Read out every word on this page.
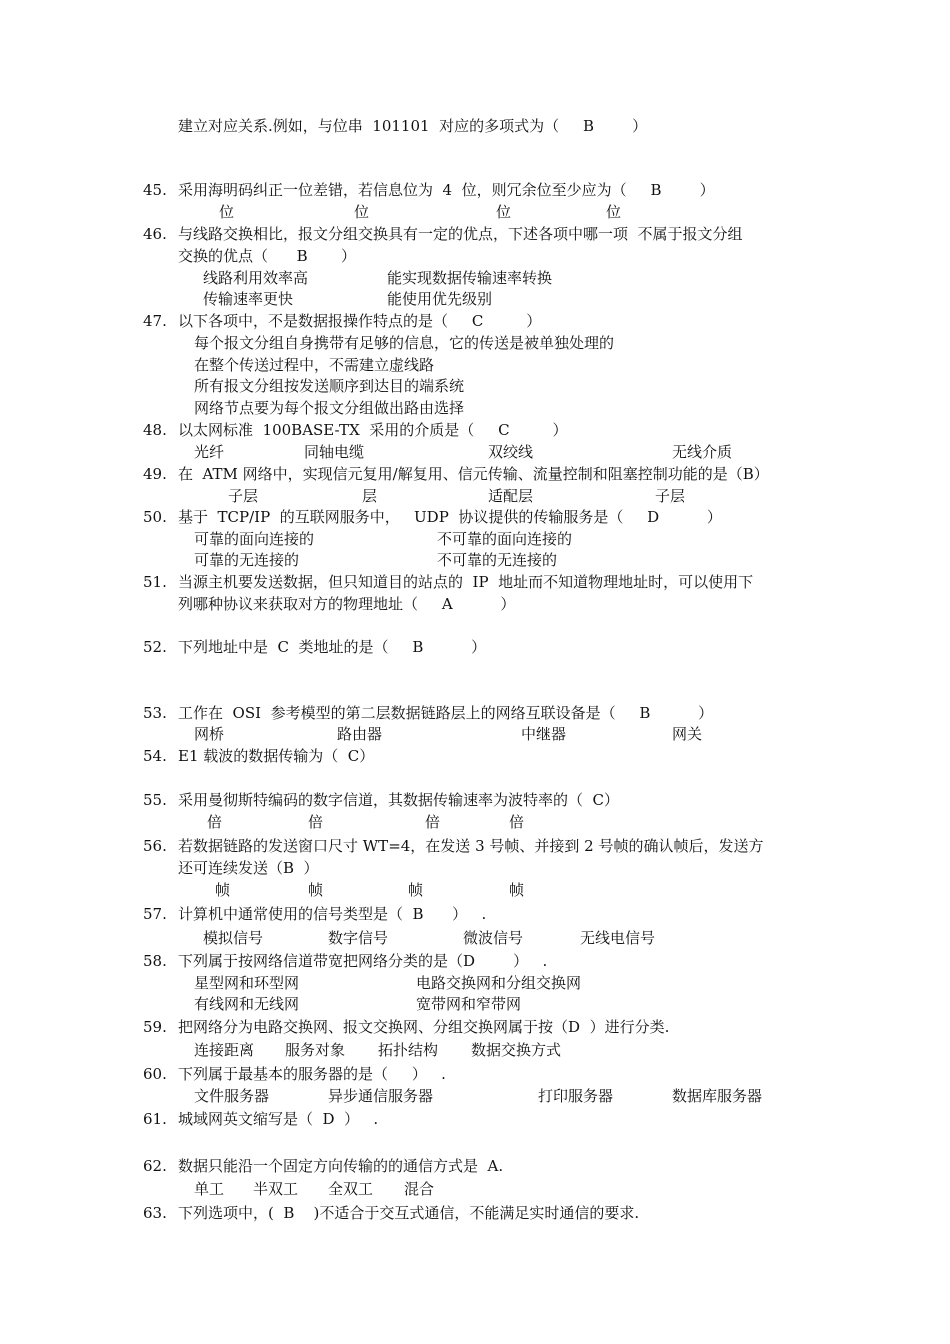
建立对应关系.例如，与位串  101101  对应的多项式为（     B        ）
45. 采用海明码纠正一位差错，若信息位为  4  位，则冗余位至少应为（     B        ）
位	位	位	位
46. 与线路交换相比，报文分组交换具有一定的优点，下述各项中哪一项  不属于报文分组
交换的优点（      B       ）
线路利用效率高	能实现数据传输速率转换
传输速率更快	能使用优先级别
47. 以下各项中，不是数据报操作特点的是（     C         ）
每个报文分组自身携带有足够的信息，它的传送是被单独处理的
在整个传送过程中，不需建立虚线路
所有报文分组按发送顺序到达目的端系统
网络节点要为每个报文分组做出路由选择
48. 以太网标准  100BASE-TX  采用的介质是（     C         ）
光纤	同轴电缆	双绞线	无线介质
49. 在  ATM 网络中，实现信元复用/解复用、信元传输、流量控制和阻塞控制功能的是（B）
子层	层	适配层	子层
50. 基于  TCP/IP  的互联网服务中，   UDP  协议提供的传输服务是（     D          ）
可靠的面向连接的	不可靠的面向连接的
可靠的无连接的	不可靠的无连接的
51. 当源主机要发送数据，但只知道目的站点的  IP  地址而不知道物理地址时，可以使用下
列哪种协议来获取对方的物理地址（     A          ）
52. 下列地址中是  C  类地址的是（     B          ）
53. 工作在  OSI  参考模型的第二层数据链路层上的网络互联设备是（     B          ）
网桥	路由器	中继器	网关
54. E1 载波的数据传输为（  C）
55. 采用曼彻斯特编码的数字信道，其数据传输速率为波特率的（  C）
倍	倍	倍	倍
56. 若数据链路的发送窗口尺寸 WT=4，在发送 3 号帧、并接到 2 号帧的确认帧后，发送方
还可连续发送（B  ）
帧	帧	帧	帧
57. 计算机中通常使用的信号类型是（  B      ）   .
模拟信号	数字信号	微波信号	无线电信号
58. 下列属于按网络信道带宽把网络分类的是（D        ）   .
星型网和环型网	电路交换网和分组交换网
有线网和无线网	宽带网和窄带网
59. 把网络分为电路交换网、报文交换网、分组交换网属于按（D  ）进行分类.
连接距离 服务对象 拓扑结构 数据交换方式
60. 下列属于最基本的服务器的是（     ）   .
文件服务器	异步通信服务器	打印服务器	数据库服务器
61. 城域网英文缩写是（  D  ）   .
62. 数据只能沿一个固定方向传输的的通信方式是  A.
单工 半双工 全双工 混合
63. 下列选项中，(  B    )不适合于交互式通信，不能满足实时通信的要求.
